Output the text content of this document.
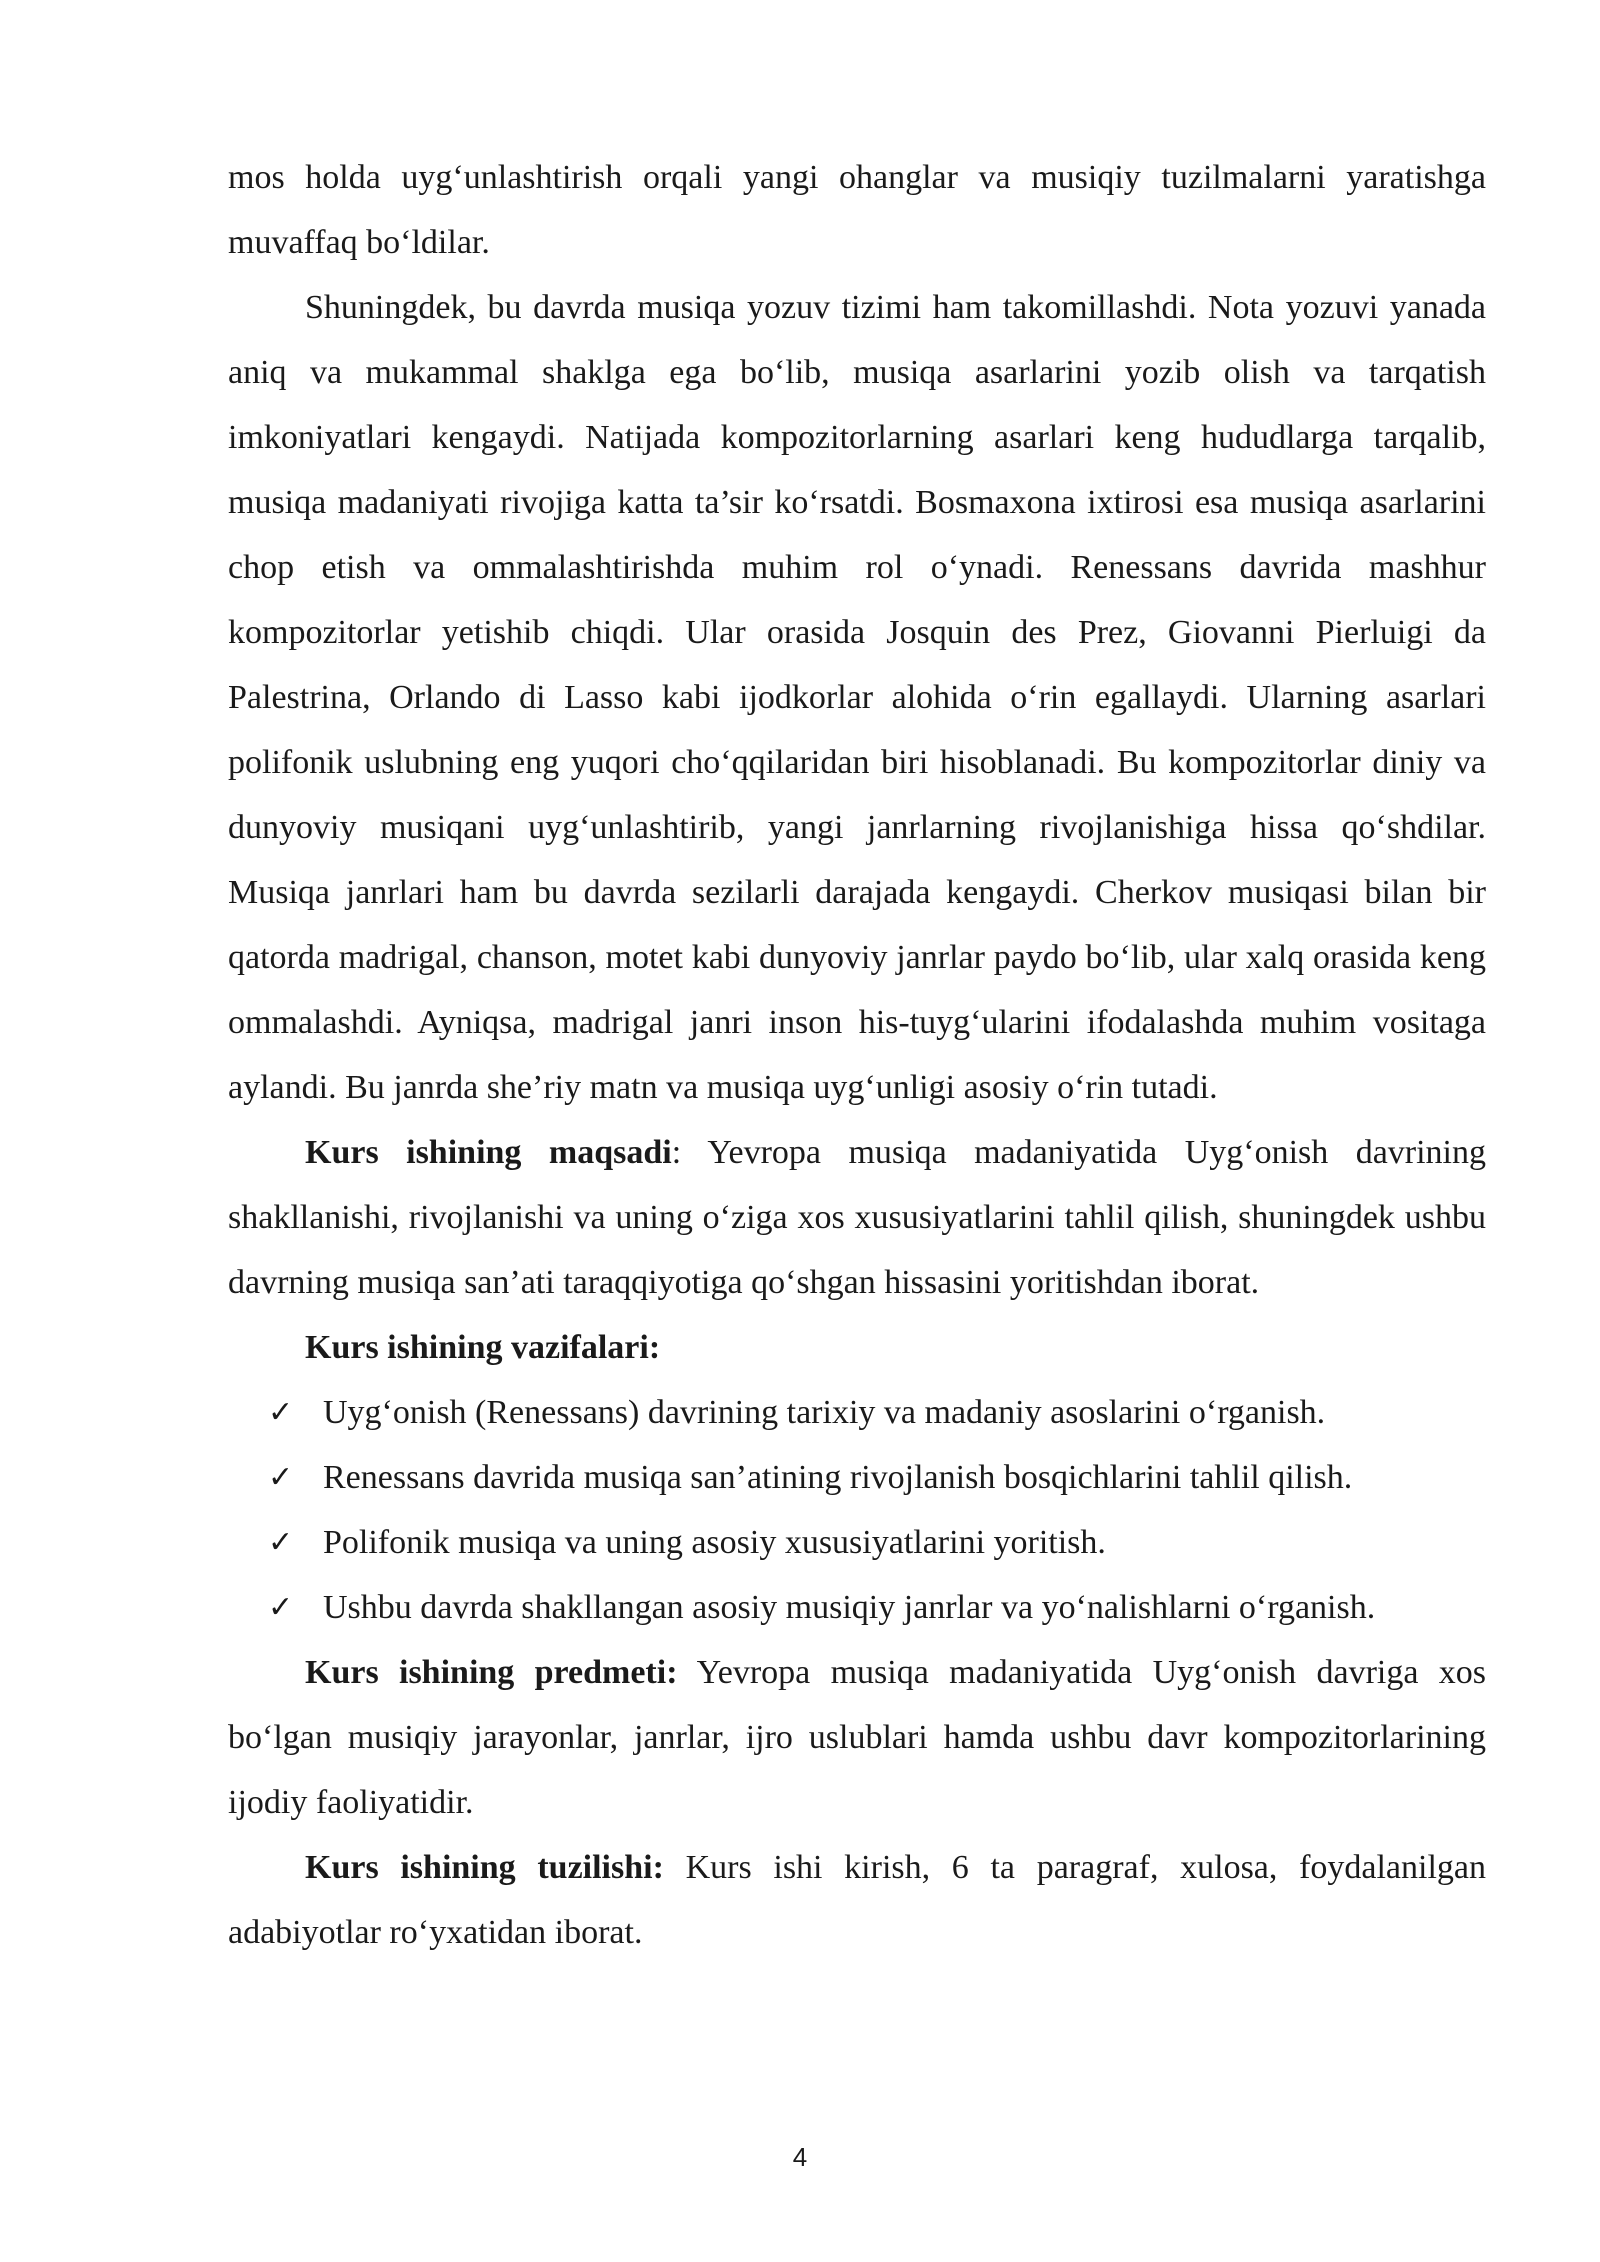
mos holda uyg‘unlashtirish orqali yangi ohanglar va musiqiy tuzilmalarni yaratishga muvaffaq bo‘ldilar.

Shuningdek, bu davrda musiqa yozuv tizimi ham takomillashdi. Nota yozuvi yanada aniq va mukammal shaklga ega bo‘lib, musiqa asarlarini yozib olish va tarqatish imkoniyatlari kengaydi. Natijada kompozitorlarning asarlari keng hududlarga tarqalib, musiqa madaniyati rivojiga katta ta’sir ko‘rsatdi. Bosmaxona ixtirosi esa musiqa asarlarini chop etish va ommalashtirishda muhim rol o‘ynadi. Renessans davrida mashhur kompozitorlar yetishib chiqdi. Ular orasida Josquin des Prez, Giovanni Pierluigi da Palestrina, Orlando di Lasso kabi ijodkorlar alohida o‘rin egallaydi. Ularning asarlari polifonik uslubning eng yuqori cho‘qqilaridan biri hisoblanadi. Bu kompozitorlar diniy va dunyoviy musiqani uyg‘unlashtirib, yangi janrlarning rivojlanishiga hissa qo‘shdilar. Musiqa janrlari ham bu davrda sezilarli darajada kengaydi. Cherkov musiqasi bilan bir qatorda madrigal, chanson, motet kabi dunyoviy janrlar paydo bo‘lib, ular xalq orasida keng ommalashdi. Ayniqsa, madrigal janri inson his-tuyg‘ularini ifodalashda muhim vositaga aylandi. Bu janrda she’riy matn va musiqa uyg‘unligi asosiy o‘rin tutadi.

Kurs ishining maqsadi: Yevropa musiqa madaniyatida Uyg‘onish davrining shakllanishi, rivojlanishi va uning o‘ziga xos xususiyatlarini tahlil qilish, shuningdek ushbu davrning musiqa san’ati taraqqiyotiga qo‘shgan hissasini yoritishdan iborat.

Kurs ishining vazifalari:

✓ Uyg‘onish (Renessans) davrining tarixiy va madaniy asoslarini o‘rganish.
✓ Renessans davrida musiqa san’atining rivojlanish bosqichlarini tahlil qilish.
✓ Polifonik musiqa va uning asosiy xususiyatlarini yoritish.
✓ Ushbu davrda shakllangan asosiy musiqiy janrlar va yo‘nalishlarni o‘rganish.

Kurs ishining predmeti: Yevropa musiqa madaniyatida Uyg‘onish davriga xos bo‘lgan musiqiy jarayonlar, janrlar, ijro uslublari hamda ushbu davr kompozitorlarining ijodiy faoliyatidir.

Kurs ishining tuzilishi: Kurs ishi kirish, 6 ta paragraf, xulosa, foydalanilgan adabiyotlar ro‘yxatidan iborat.

4
